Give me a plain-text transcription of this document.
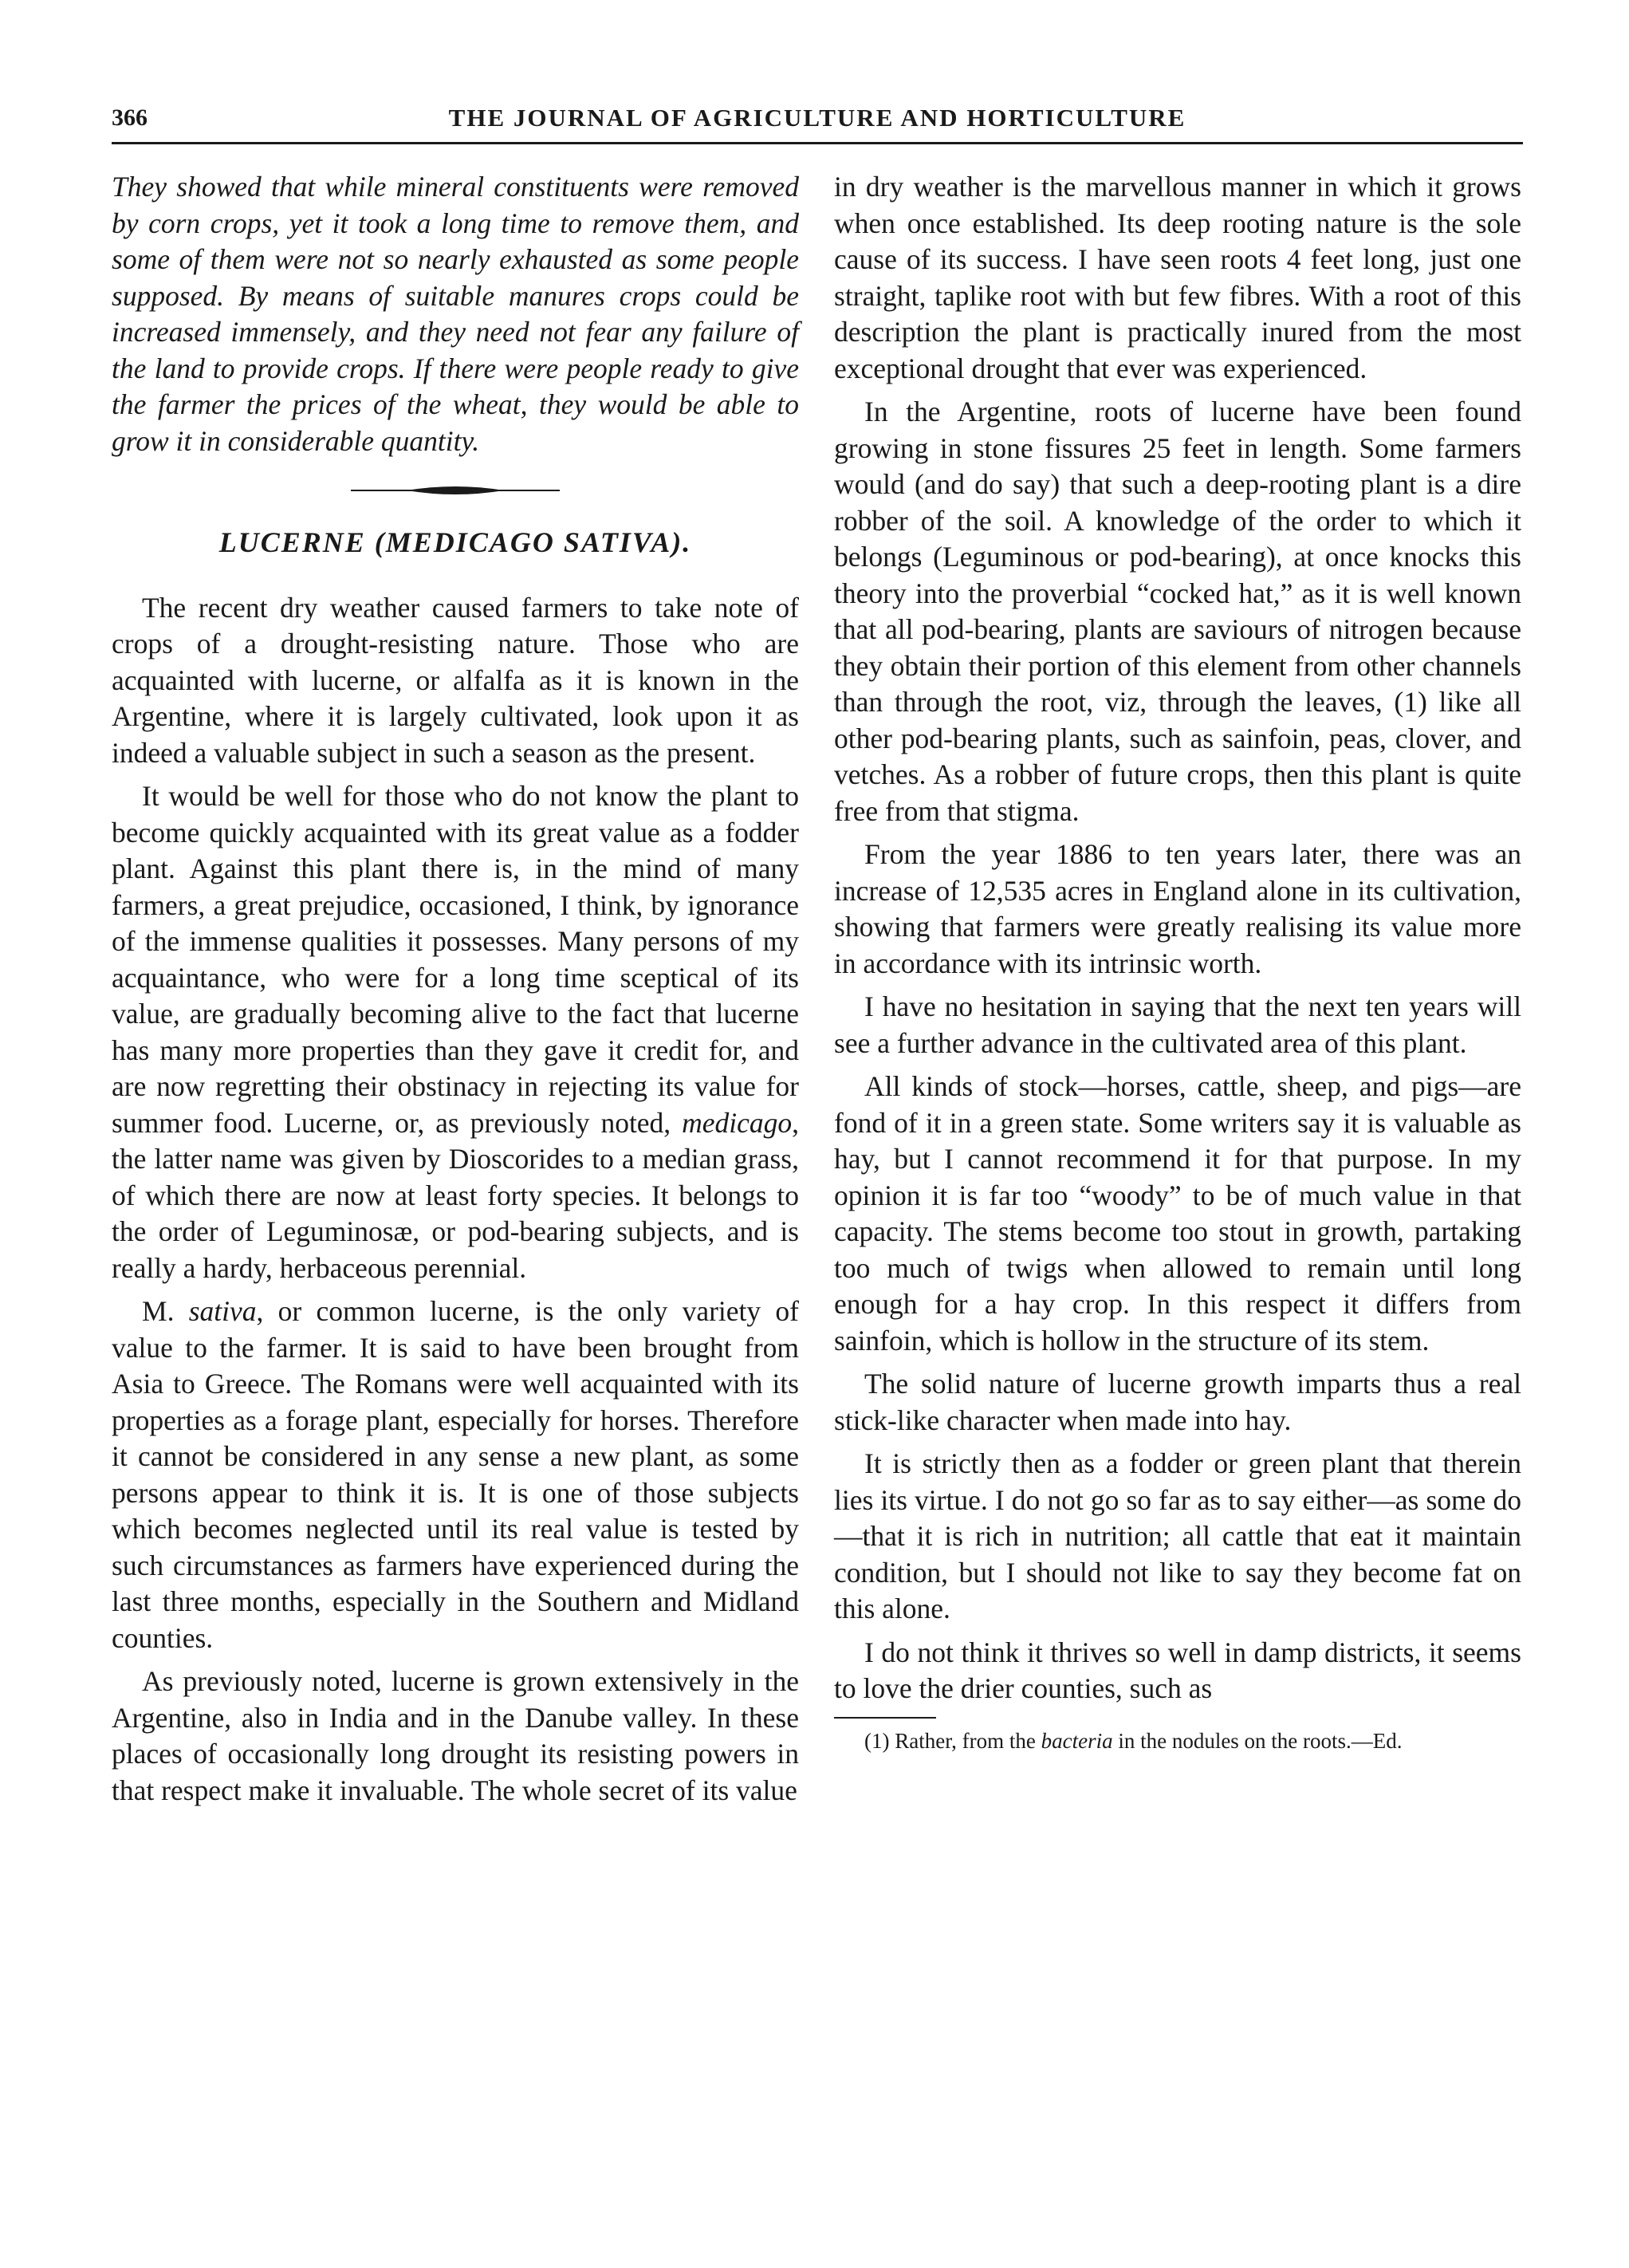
366	THE JOURNAL OF AGRICULTURE AND HORTICULTURE

They showed that while mineral constituents were removed by corn crops, yet it took a long time to remove them, and some of them were not so nearly exhausted as some people supposed. By means of suitable manures crops could be increased immensely, and they need not fear any failure of the land to provide crops. If there were people ready to give the farmer the prices of the wheat, they would be able to grow it in considerable quantity.

LUCERNE (MEDICAGO SATIVA).

The recent dry weather caused farmers to take note of crops of a drought-resisting nature. Those who are acquainted with lucerne, or alfalfa as it is known in the Argentine, where it is largely cultivated, look upon it as indeed a valuable subject in such a season as the present.

It would be well for those who do not know the plant to become quickly acquainted with its great value as a fodder plant. Against this plant there is, in the mind of many farmers, a great prejudice, occasioned, I think, by ignorance of the immense qualities it possesses. Many persons of my acquaintance, who were for a long time sceptical of its value, are gradually becoming alive to the fact that lucerne has many more properties than they gave it credit for, and are now regretting their obstinacy in rejecting its value for summer food. Lucerne, or, as previously noted, medicago, the latter name was given by Dioscorides to a median grass, of which there are now at least forty species. It belongs to the order of Leguminosæ, or pod-bearing subjects, and is really a hardy, herbaceous perennial.

M. sativa, or common lucerne, is the only variety of value to the farmer. It is said to have been brought from Asia to Greece. The Romans were well acquainted with its properties as a forage plant, especially for horses. Therefore it cannot be considered in any sense a new plant, as some persons appear to think it is. It is one of those subjects which becomes neglected until its real value is tested by such circumstances as farmers have experienced during the last three months, especially in the Southern and Midland counties.

As previously noted, lucerne is grown extensively in the Argentine, also in India and in the Danube valley. In these places of occasionally long drought its resisting powers in that respect make it invaluable. The whole secret of its value

in dry weather is the marvellous manner in which it grows when once established. Its deep rooting nature is the sole cause of its success. I have seen roots 4 feet long, just one straight, taplike root with but few fibres. With a root of this description the plant is practically inured from the most exceptional drought that ever was experienced.

In the Argentine, roots of lucerne have been found growing in stone fissures 25 feet in length. Some farmers would (and do say) that such a deep-rooting plant is a dire robber of the soil. A knowledge of the order to which it belongs (Leguminous or pod-bearing), at once knocks this theory into the proverbial “cocked hat,” as it is well known that all pod-bearing, plants are saviours of nitrogen because they obtain their portion of this element from other channels than through the root, viz, through the leaves, (1) like all other pod-bearing plants, such as sainfoin, peas, clover, and vetches. As a robber of future crops, then this plant is quite free from that stigma.

From the year 1886 to ten years later, there was an increase of 12,535 acres in England alone in its cultivation, showing that farmers were greatly realising its value more in accordance with its intrinsic worth.

I have no hesitation in saying that the next ten years will see a further advance in the cultivated area of this plant.

All kinds of stock—horses, cattle, sheep, and pigs—are fond of it in a green state. Some writers say it is valuable as hay, but I cannot recommend it for that purpose. In my opinion it is far too “woody” to be of much value in that capacity. The stems become too stout in growth, partaking too much of twigs when allowed to remain until long enough for a hay crop. In this respect it differs from sainfoin, which is hollow in the structure of its stem.

The solid nature of lucerne growth imparts thus a real stick-like character when made into hay.

It is strictly then as a fodder or green plant that therein lies its virtue. I do not go so far as to say either—as some do—that it is rich in nutrition; all cattle that eat it maintain condition, but I should not like to say they become fat on this alone.

I do not think it thrives so well in damp districts, it seems to love the drier counties, such as

(1) Rather, from the bacteria in the nodules on the roots.—Ed.
